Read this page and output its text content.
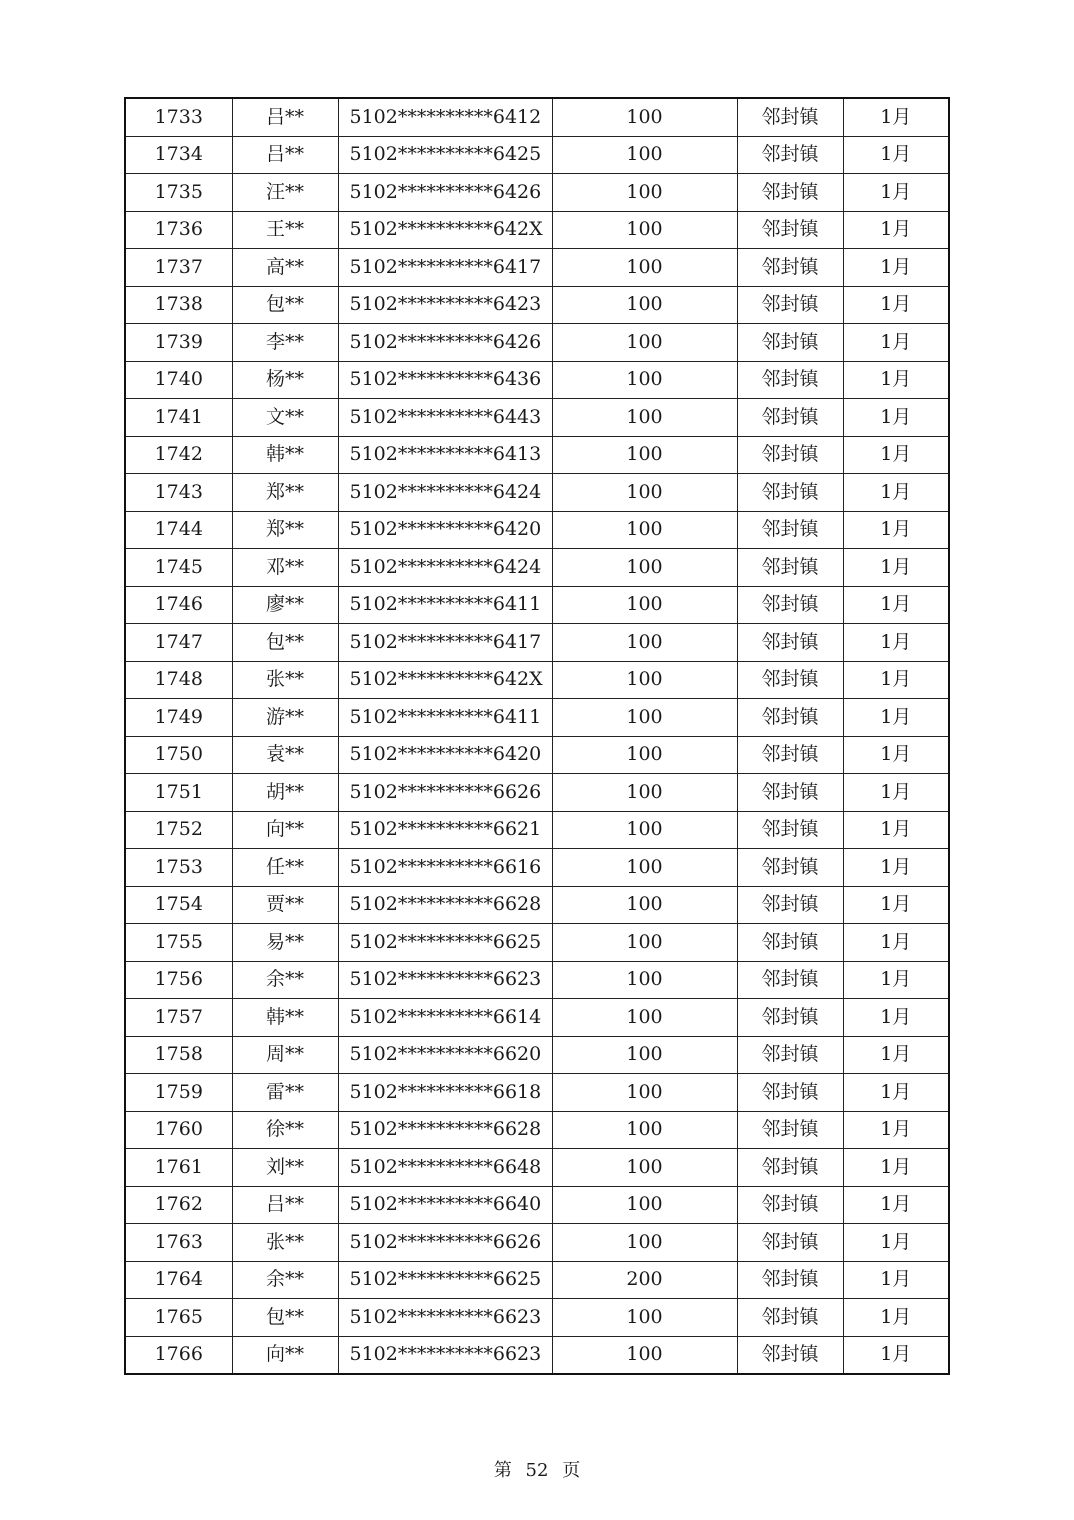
1733	吕**	5102**********6412	100	邻封镇	1月
1734	吕**	5102**********6425	100	邻封镇	1月
1735	汪**	5102**********6426	100	邻封镇	1月
1736	王**	5102**********642X	100	邻封镇	1月
1737	高**	5102**********6417	100	邻封镇	1月
1738	包**	5102**********6423	100	邻封镇	1月
1739	李**	5102**********6426	100	邻封镇	1月
1740	杨**	5102**********6436	100	邻封镇	1月
1741	文**	5102**********6443	100	邻封镇	1月
1742	韩**	5102**********6413	100	邻封镇	1月
1743	郑**	5102**********6424	100	邻封镇	1月
1744	郑**	5102**********6420	100	邻封镇	1月
1745	邓**	5102**********6424	100	邻封镇	1月
1746	廖**	5102**********6411	100	邻封镇	1月
1747	包**	5102**********6417	100	邻封镇	1月
1748	张**	5102**********642X	100	邻封镇	1月
1749	游**	5102**********6411	100	邻封镇	1月
1750	袁**	5102**********6420	100	邻封镇	1月
1751	胡**	5102**********6626	100	邻封镇	1月
1752	向**	5102**********6621	100	邻封镇	1月
1753	任**	5102**********6616	100	邻封镇	1月
1754	贾**	5102**********6628	100	邻封镇	1月
1755	易**	5102**********6625	100	邻封镇	1月
1756	余**	5102**********6623	100	邻封镇	1月
1757	韩**	5102**********6614	100	邻封镇	1月
1758	周**	5102**********6620	100	邻封镇	1月
1759	雷**	5102**********6618	100	邻封镇	1月
1760	徐**	5102**********6628	100	邻封镇	1月
1761	刘**	5102**********6648	100	邻封镇	1月
1762	吕**	5102**********6640	100	邻封镇	1月
1763	张**	5102**********6626	100	邻封镇	1月
1764	余**	5102**********6625	200	邻封镇	1月
1765	包**	5102**********6623	100	邻封镇	1月
1766	向**	5102**********6623	100	邻封镇	1月
第 52 页
